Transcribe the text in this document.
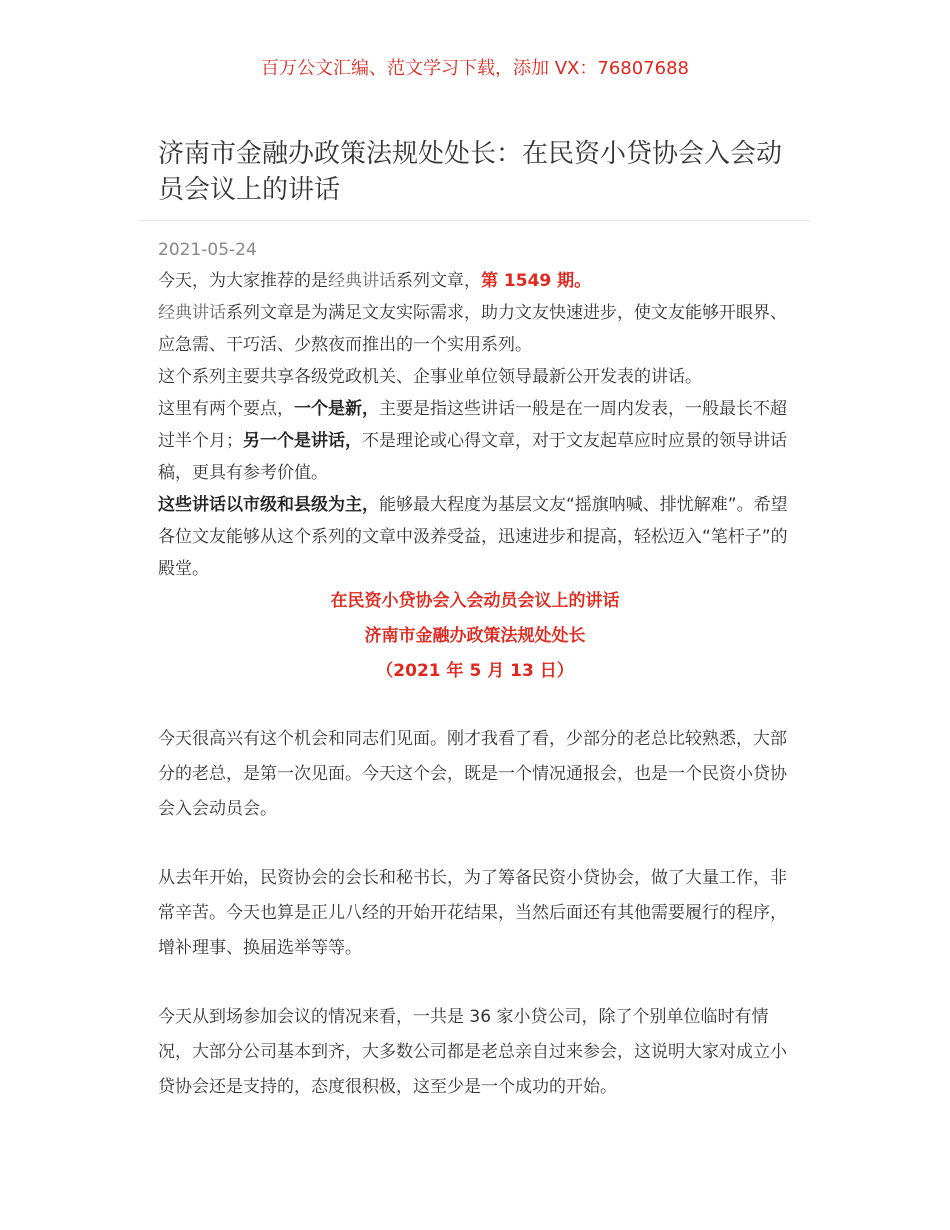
百万公文汇编、范文学习下载，添加 VX：76807688
济南市金融办政策法规处处长：在民资小贷协会入会动员会议上的讲话
2021-05-24

今天，为大家推荐的是经典讲话系列文章，第 1549 期。

经典讲话系列文章是为满足文友实际需求，助力文友快速进步，使文友能够开眼界、应急需、干巧活、少熬夜而推出的一个实用系列。

这个系列主要共享各级党政机关、企事业单位领导最新公开发表的讲话。

这里有两个要点，一个是新，主要是指这些讲话一般是在一周内发表，一般最长不超过半个月；另一个是讲话，不是理论或心得文章，对于文友起草应时应景的领导讲话稿，更具有参考价值。

这些讲话以市级和县级为主，能够最大程度为基层文友“摇旗呐喊、排忧解难”。希望各位文友能够从这个系列的文章中汲养受益，迅速进步和提高，轻松迈入“笔杆子”的殿堂。

在民资小贷协会入会动员会议上的讲话
济南市金融办政策法规处处长
（2021 年 5 月 13 日）

今天很高兴有这个机会和同志们见面。刚才我看了看，少部分的老总比较熟悉，大部分的老总，是第一次见面。今天这个会，既是一个情况通报会，也是一个民资小贷协会入会动员会。

从去年开始，民资协会的会长和秘书长，为了筹备民资小贷协会，做了大量工作，非常辛苦。今天也算是正儿八经的开始开花结果，当然后面还有其他需要履行的程序，增补理事、换届选举等等。

今天从到场参加会议的情况来看，一共是 36 家小贷公司，除了个别单位临时有情况，大部分公司基本到齐，大多数公司都是老总亲自过来参会，这说明大家对成立小贷协会还是支持的，态度很积极，这至少是一个成功的开始。
